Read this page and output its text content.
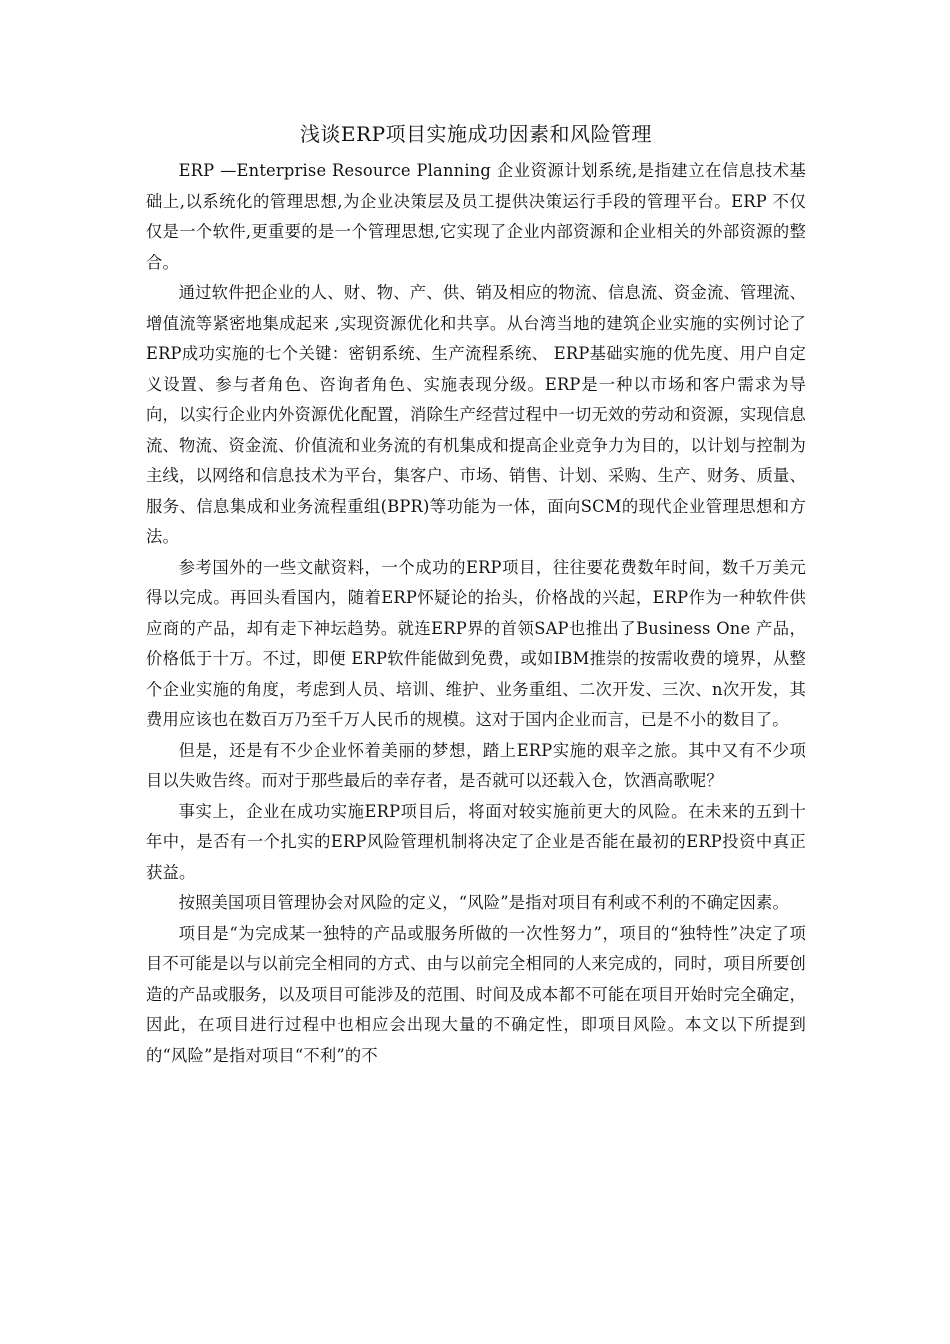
浅谈ERP项目实施成功因素和风险管理

ERP —Enterprise Resource Planning 企业资源计划系统,是指建立在信息技术基础上,以系统化的管理思想,为企业决策层及员工提供决策运行手段的管理平台。ERP 不仅仅是一个软件,更重要的是一个管理思想,它实现了企业内部资源和企业相关的外部资源的整合。

通过软件把企业的人、财、物、产、供、销及相应的物流、信息流、资金流、管理流、增值流等紧密地集成起来 ,实现资源优化和共享。从台湾当地的建筑企业实施的实例讨论了 ERP成功实施的七个关键：密钥系统、生产流程系统、 ERP基础实施的优先度、用户自定义设置、参与者角色、咨询者角色、实施表现分级。ERP是一种以市场和客户需求为导向，以实行企业内外资源优化配置，消除生产经营过程中一切无效的劳动和资源，实现信息流、物流、资金流、价值流和业务流的有机集成和提高企业竞争力为目的，以计划与控制为主线，以网络和信息技术为平台，集客户、市场、销售、计划、采购、生产、财务、质量、服务、信息集成和业务流程重组(BPR)等功能为一体，面向SCM的现代企业管理思想和方法。

参考国外的一些文献资料，一个成功的ERP项目，往往要花费数年时间，数千万美元得以完成。再回头看国内，随着ERP怀疑论的抬头，价格战的兴起，ERP作为一种软件供应商的产品，却有走下神坛趋势。就连ERP界的首领SAP也推出了Business One 产品，价格低于十万。不过，即便 ERP软件能做到免费，或如IBM推崇的按需收费的境界，从整个企业实施的角度，考虑到人员、培训、维护、业务重组、二次开发、三次、n次开发，其费用应该也在数百万乃至千万人民币的规模。这对于国内企业而言，已是不小的数目了。

但是，还是有不少企业怀着美丽的梦想，踏上ERP实施的艰辛之旅。其中又有不少项目以失败告终。而对于那些最后的幸存者，是否就可以还载入仓，饮酒高歌呢？

事实上，企业在成功实施ERP项目后，将面对较实施前更大的风险。在未来的五到十年中，是否有一个扎实的ERP风险管理机制将决定了企业是否能在最初的ERP投资中真正获益。

按照美国项目管理协会对风险的定义，“风险”是指对项目有利或不利的不确定因素。

项目是“为完成某一独特的产品或服务所做的一次性努力”，项目的“独特性”决定了项目不可能是以与以前完全相同的方式、由与以前完全相同的人来完成的，同时，项目所要创造的产品或服务，以及项目可能涉及的范围、时间及成本都不可能在项目开始时完全确定，因此，在项目进行过程中也相应会出现大量的不确定性，即项目风险。本文以下所提到的“风险”是指对项目“不利”的不
